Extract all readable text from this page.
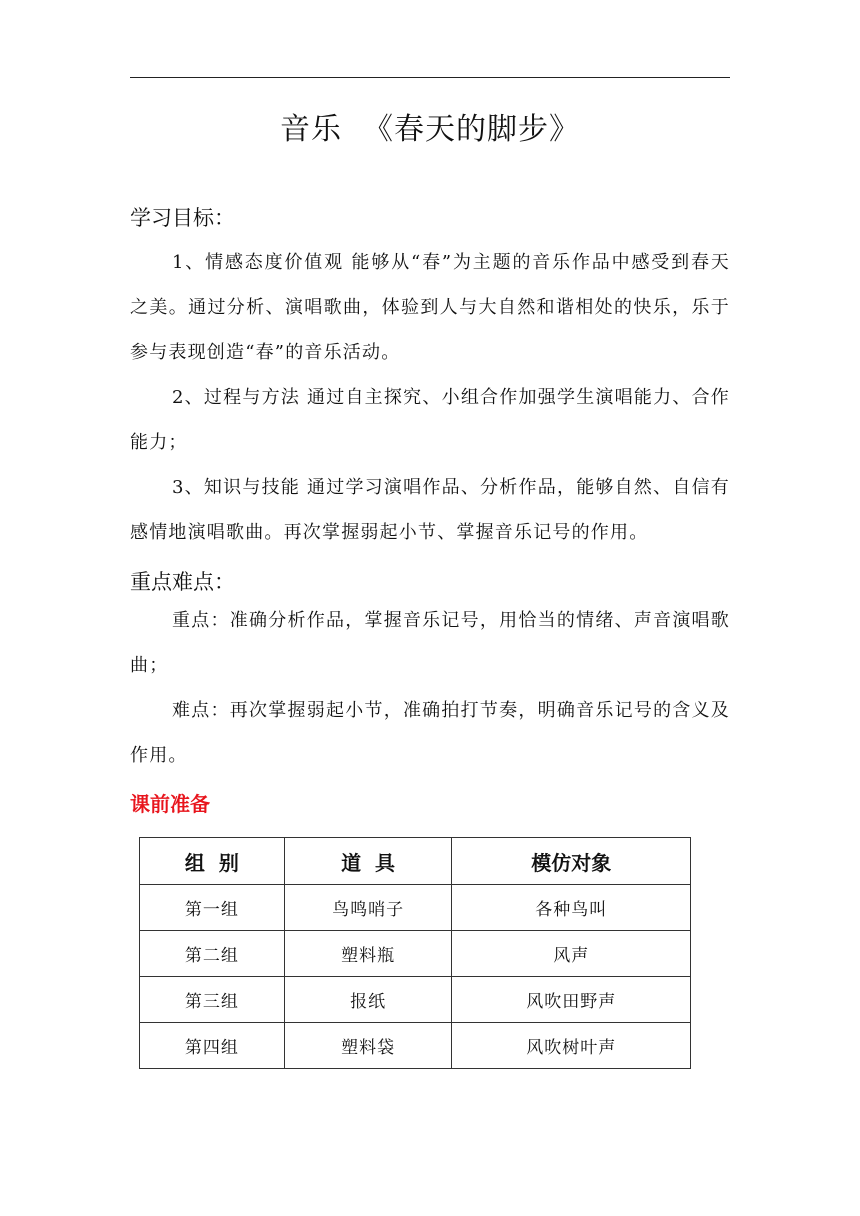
音乐  《春天的脚步》
学习目标：
1、情感态度价值观 能够从“春”为主题的音乐作品中感受到春天之美。通过分析、演唱歌曲，体验到人与大自然和谐相处的快乐，乐于参与表现创造“春”的音乐活动。
2、过程与方法 通过自主探究、小组合作加强学生演唱能力、合作能力；
3、知识与技能 通过学习演唱作品、分析作品，能够自然、自信有感情地演唱歌曲。再次掌握弱起小节、掌握音乐记号的作用。
重点难点：
重点：准确分析作品，掌握音乐记号，用恰当的情绪、声音演唱歌曲；
难点：再次掌握弱起小节，准确拍打节奏，明确音乐记号的含义及作用。
课前准备
组  别	道  具	模仿对象
第一组	鸟鸣哨子	各种鸟叫
第二组	塑料瓶	风声
第三组	报纸	风吹田野声
第四组	塑料袋	风吹树叶声
